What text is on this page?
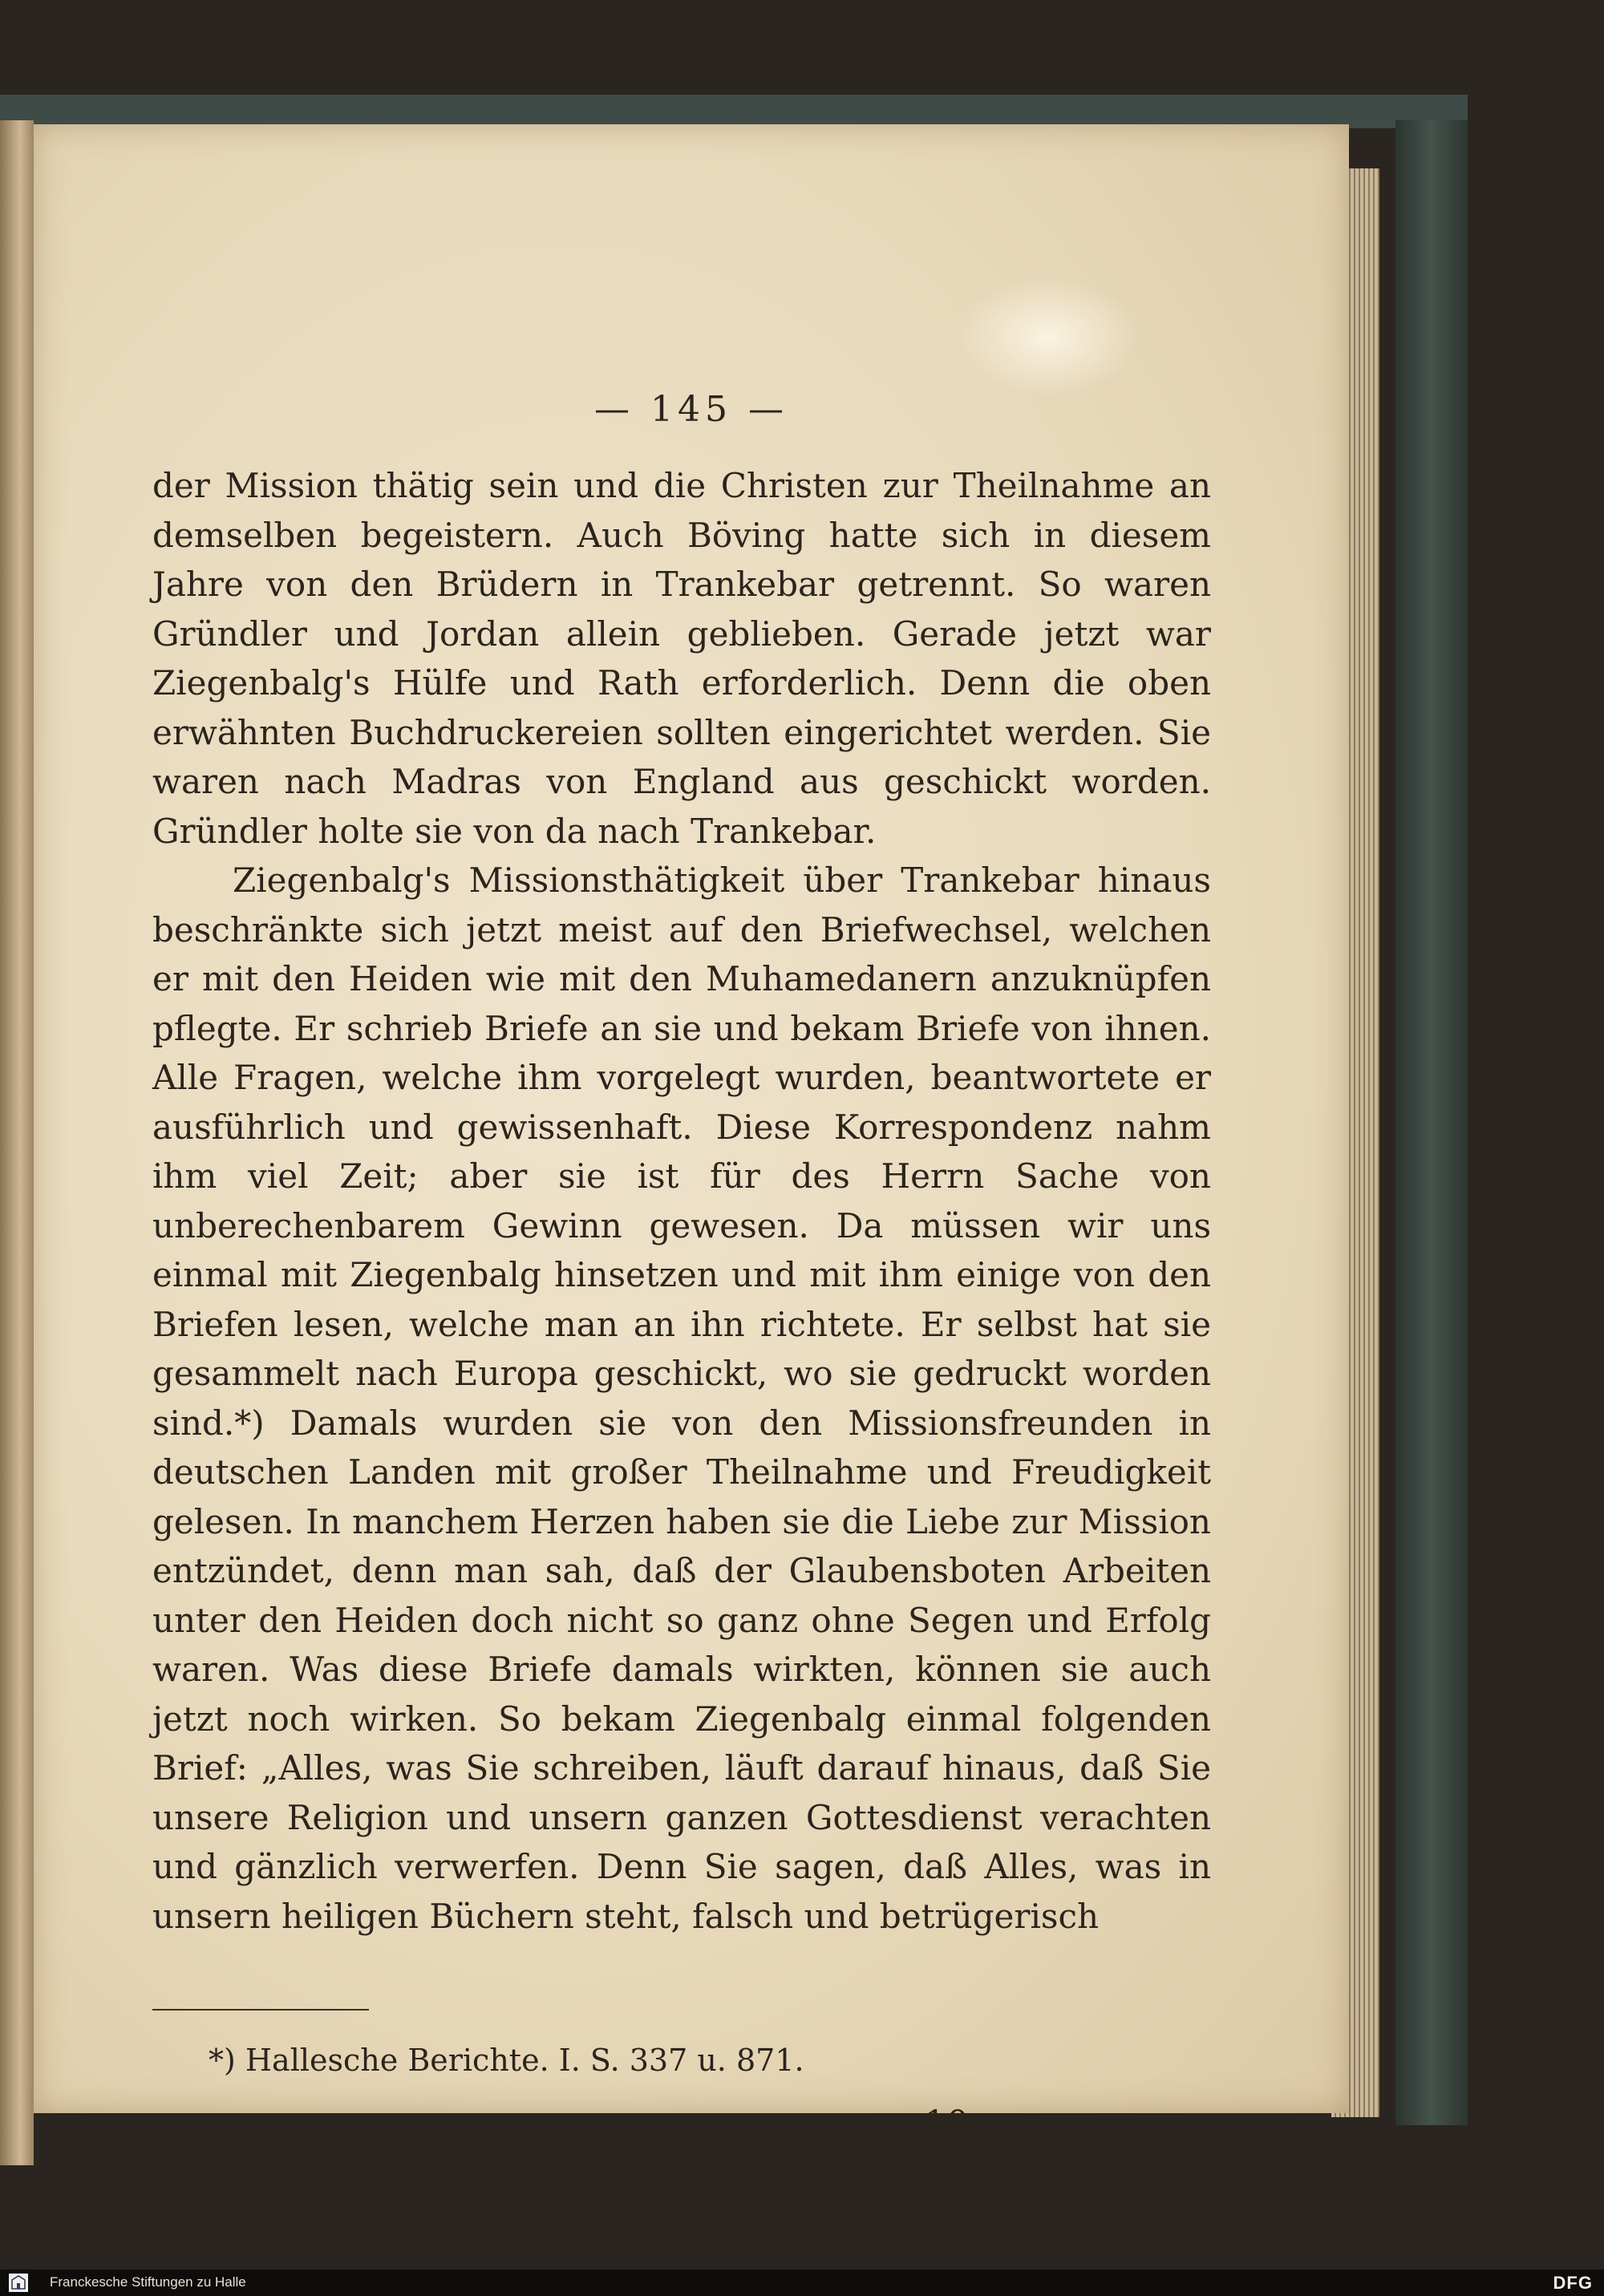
— 145 —

der Mission thätig sein und die Christen zur Theilnahme an demselben begeistern. Auch Böving hatte sich in diesem Jahre von den Brüdern in Trankebar getrennt. So waren Gründler und Jordan allein geblieben. Gerade jetzt war Ziegenbalg's Hülfe und Rath erforderlich. Denn die oben erwähnten Buchdruckereien sollten eingerichtet werden. Sie waren nach Madras von England aus geschickt worden. Gründler holte sie von da nach Trankebar.

Ziegenbalg's Missionsthätigkeit über Trankebar hinaus beschränkte sich jetzt meist auf den Briefwechsel, welchen er mit den Heiden wie mit den Muhamedanern anzuknüpfen pflegte. Er schrieb Briefe an sie und bekam Briefe von ihnen. Alle Fragen, welche ihm vorgelegt wurden, beantwortete er ausführlich und gewissenhaft. Diese Korrespondenz nahm ihm viel Zeit; aber sie ist für des Herrn Sache von unberechenbarem Gewinn gewesen. Da müssen wir uns einmal mit Ziegenbalg hinsetzen und mit ihm einige von den Briefen lesen, welche man an ihn richtete. Er selbst hat sie gesammelt nach Europa geschickt, wo sie gedruckt worden sind.*) Damals wurden sie von den Missionsfreunden in deutschen Landen mit großer Theilnahme und Freudigkeit gelesen. In manchem Herzen haben sie die Liebe zur Mission entzündet, denn man sah, daß der Glaubensboten Arbeiten unter den Heiden doch nicht so ganz ohne Segen und Erfolg waren. Was diese Briefe damals wirkten, können sie auch jetzt noch wirken. So bekam Ziegenbalg einmal folgenden Brief: „Alles, was Sie schreiben, läuft darauf hinaus, daß Sie unsere Religion und unsern ganzen Gottesdienst verachten und gänzlich verwerfen. Denn Sie sagen, daß Alles, was in unsern heiligen Büchern steht, falsch und betrügerisch

*) Hallesche Berichte. I. S. 337 u. 871.
10
Franckesche Stiftungen zu Halle	DFG
